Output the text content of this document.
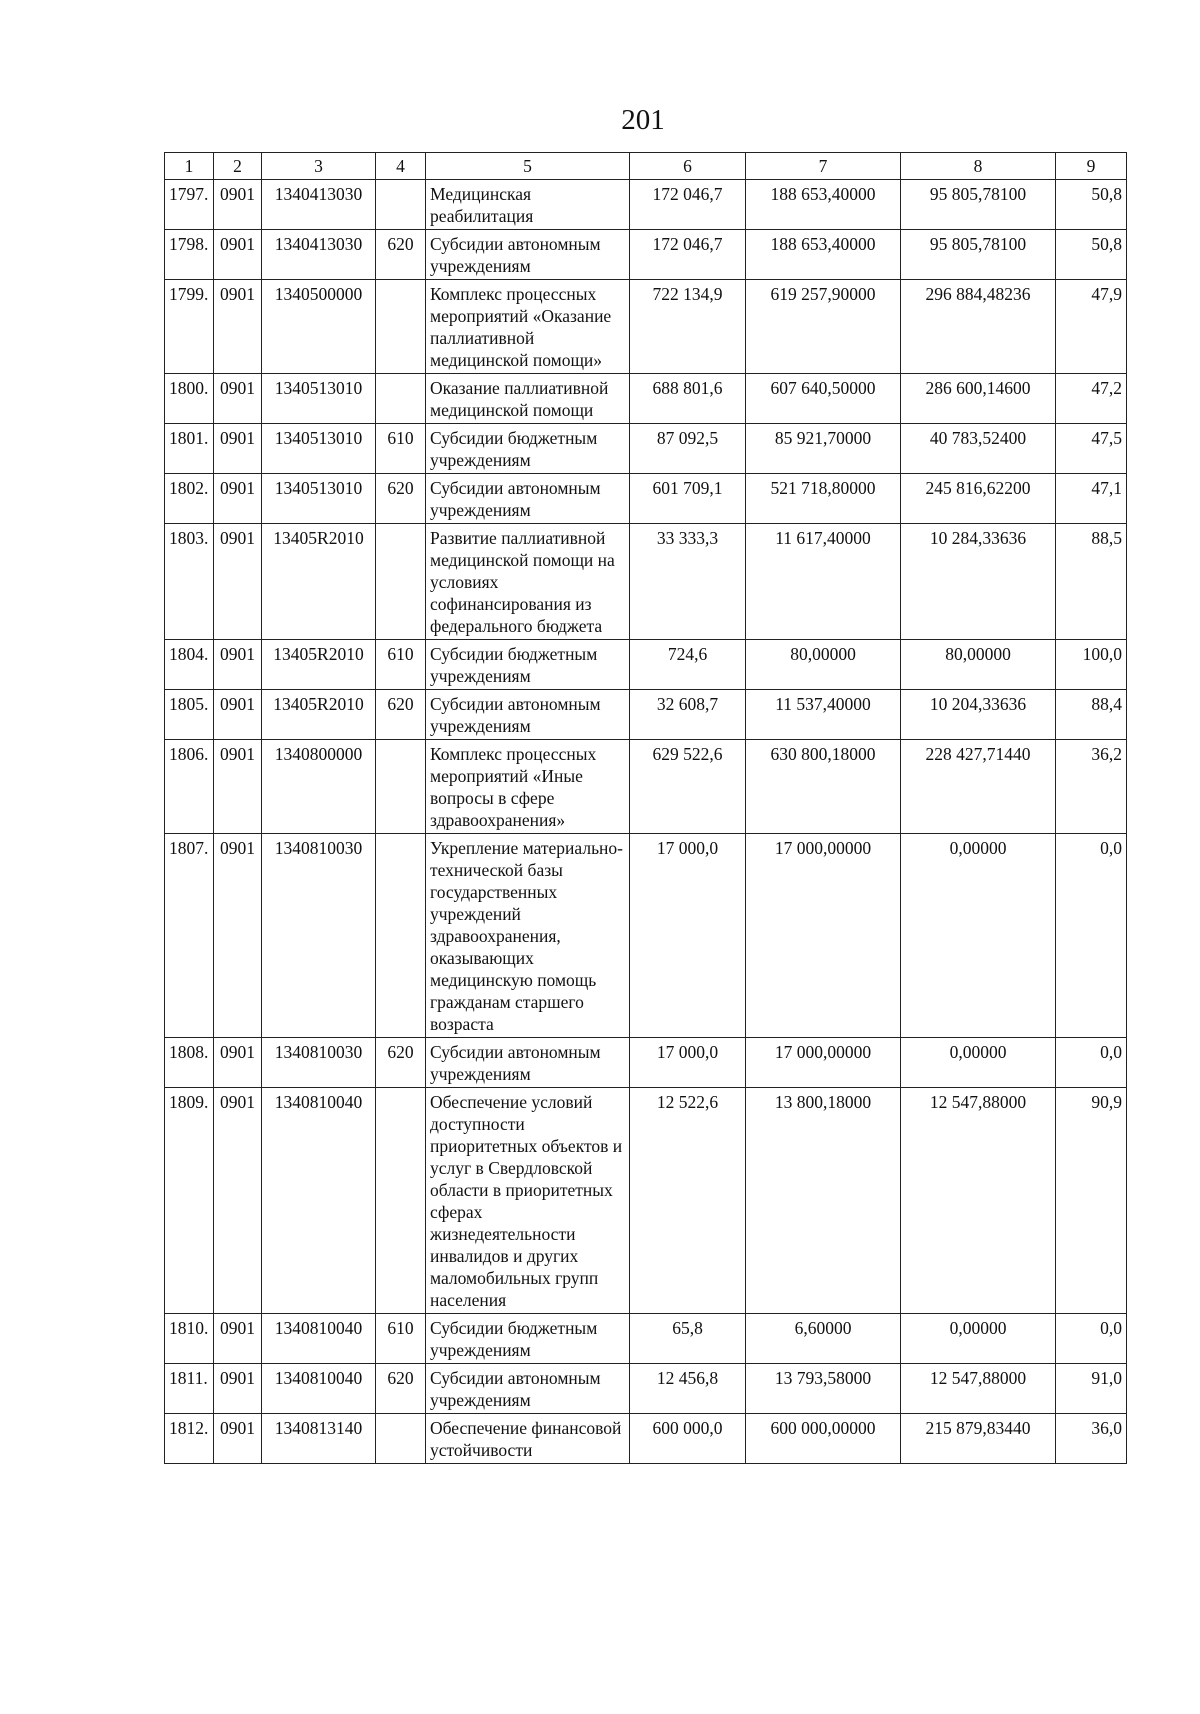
201
1	2	3	4	5	6	7	8	9
1797.	0901	1340413030		Медицинская реабилитация	172 046,7	188 653,40000	95 805,78100	50,8
1798.	0901	1340413030	620	Субсидии автономным учреждениям	172 046,7	188 653,40000	95 805,78100	50,8
1799.	0901	1340500000		Комплекс процессных мероприятий «Оказание паллиативной медицинской помощи»	722 134,9	619 257,90000	296 884,48236	47,9
1800.	0901	1340513010		Оказание паллиативной медицинской помощи	688 801,6	607 640,50000	286 600,14600	47,2
1801.	0901	1340513010	610	Субсидии бюджетным учреждениям	87 092,5	85 921,70000	40 783,52400	47,5
1802.	0901	1340513010	620	Субсидии автономным учреждениям	601 709,1	521 718,80000	245 816,62200	47,1
1803.	0901	13405R2010		Развитие паллиативной медицинской помощи на условиях софинансирования из федерального бюджета	33 333,3	11 617,40000	10 284,33636	88,5
1804.	0901	13405R2010	610	Субсидии бюджетным учреждениям	724,6	80,00000	80,00000	100,0
1805.	0901	13405R2010	620	Субсидии автономным учреждениям	32 608,7	11 537,40000	10 204,33636	88,4
1806.	0901	1340800000		Комплекс процессных мероприятий «Иные вопросы в сфере здравоохранения»	629 522,6	630 800,18000	228 427,71440	36,2
1807.	0901	1340810030		Укрепление материально-технической базы государственных учреждений здравоохранения, оказывающих медицинскую помощь гражданам старшего возраста	17 000,0	17 000,00000	0,00000	0,0
1808.	0901	1340810030	620	Субсидии автономным учреждениям	17 000,0	17 000,00000	0,00000	0,0
1809.	0901	1340810040		Обеспечение условий доступности приоритетных объектов и услуг в Свердловской области в приоритетных сферах жизнедеятельности инвалидов и других маломобильных групп населения	12 522,6	13 800,18000	12 547,88000	90,9
1810.	0901	1340810040	610	Субсидии бюджетным учреждениям	65,8	6,60000	0,00000	0,0
1811.	0901	1340810040	620	Субсидии автономным учреждениям	12 456,8	13 793,58000	12 547,88000	91,0
1812.	0901	1340813140		Обеспечение финансовой устойчивости	600 000,0	600 000,00000	215 879,83440	36,0
